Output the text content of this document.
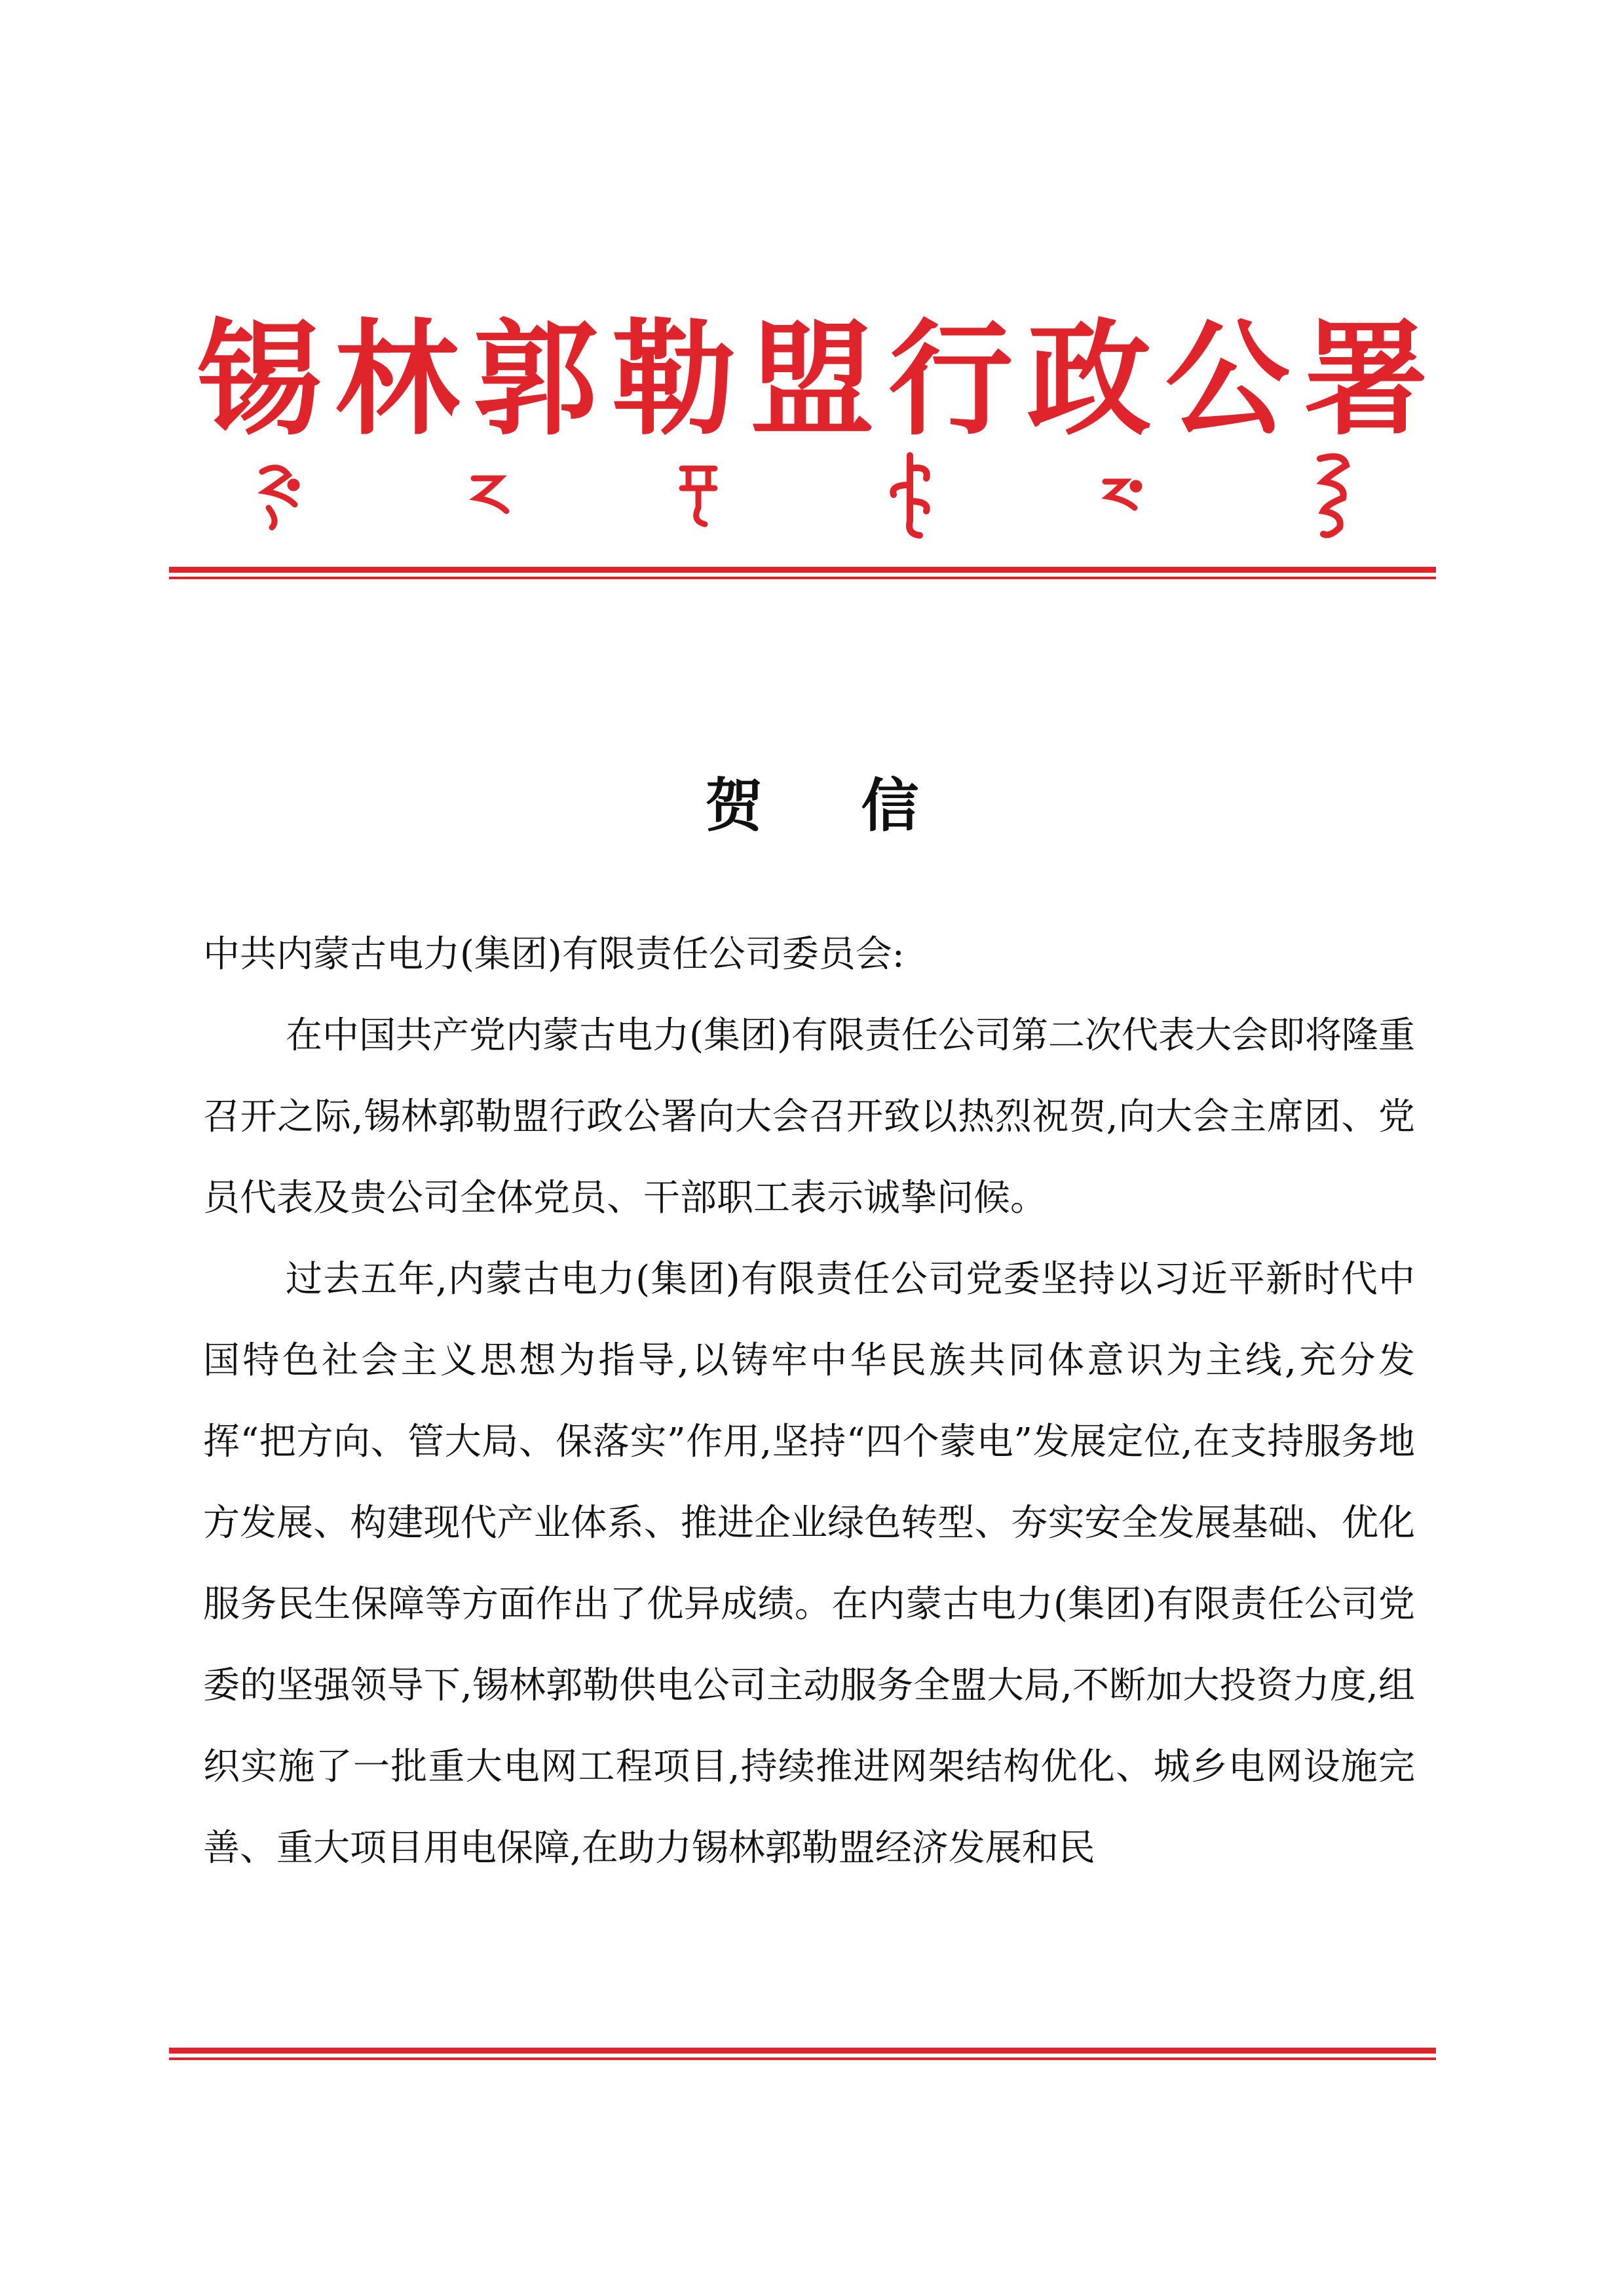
锡 林 郭 勒 盟 行 政 公 署
贺信

中共内蒙古电力(集团)有限责任公司委员会:

在中国共产党内蒙古电力(集团)有限责任公司第二次代表大会即将隆重召开之际,锡林郭勒盟行政公署向大会召开致以热烈祝贺,向大会主席团、党员代表及贵公司全体党员、干部职工表示诚挚问候。

过去五年,内蒙古电力(集团)有限责任公司党委坚持以习近平新时代中国特色社会主义思想为指导,以铸牢中华民族共同体意识为主线,充分发挥“把方向、管大局、保落实”作用,坚持“四个蒙电”发展定位,在支持服务地方发展、构建现代产业体系、推进企业绿色转型、夯实安全发展基础、优化服务民生保障等方面作出了优异成绩。在内蒙古电力(集团)有限责任公司党委的坚强领导下,锡林郭勒供电公司主动服务全盟大局,不断加大投资力度,组织实施了一批重大电网工程项目,持续推进网架结构优化、城乡电网设施完善、重大项目用电保障,在助力锡林郭勒盟经济发展和民
